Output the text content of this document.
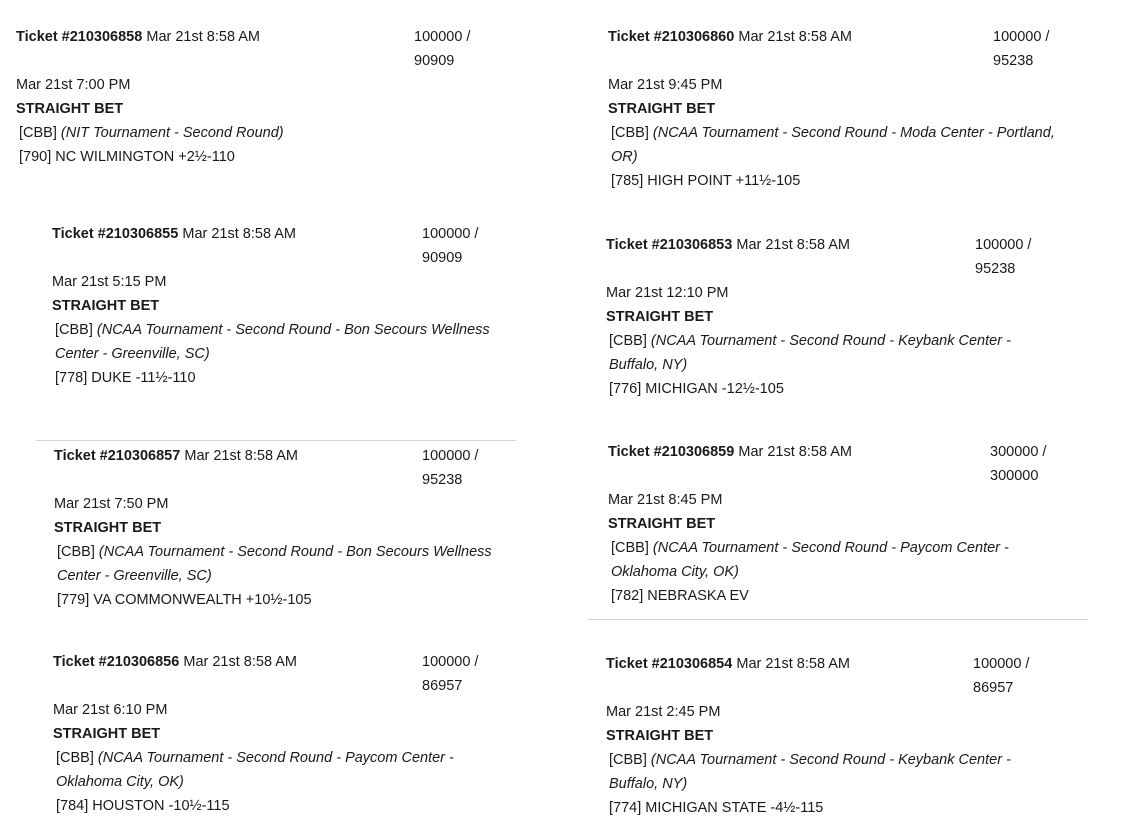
Ticket #210306858 Mar 21st 8:58 AM	100000 /
90909
Mar 21st 7:00 PM
STRAIGHT BET
[CBB] (NIT Tournament - Second Round)
[790] NC WILMINGTON +2½-110
Ticket #210306860 Mar 21st 8:58 AM	100000 /
95238
Mar 21st 9:45 PM
STRAIGHT BET
[CBB] (NCAA Tournament - Second Round - Moda Center - Portland,
OR)
[785] HIGH POINT +11½-105
Ticket #210306855 Mar 21st 8:58 AM	100000 /
90909
Mar 21st 5:15 PM
STRAIGHT BET
[CBB] (NCAA Tournament - Second Round - Bon Secours Wellness
Center - Greenville, SC)
[778] DUKE -11½-110
Ticket #210306853 Mar 21st 8:58 AM	100000 /
95238
Mar 21st 12:10 PM
STRAIGHT BET
[CBB] (NCAA Tournament - Second Round - Keybank Center -
Buffalo, NY)
[776] MICHIGAN -12½-105
Ticket #210306857 Mar 21st 8:58 AM	100000 /
95238
Mar 21st 7:50 PM
STRAIGHT BET
[CBB] (NCAA Tournament - Second Round - Bon Secours Wellness
Center - Greenville, SC)
[779] VA COMMONWEALTH +10½-105
Ticket #210306859 Mar 21st 8:58 AM	300000 /
300000
Mar 21st 8:45 PM
STRAIGHT BET
[CBB] (NCAA Tournament - Second Round - Paycom Center -
Oklahoma City, OK)
[782] NEBRASKA EV
Ticket #210306856 Mar 21st 8:58 AM	100000 /
86957
Mar 21st 6:10 PM
STRAIGHT BET
[CBB] (NCAA Tournament - Second Round - Paycom Center -
Oklahoma City, OK)
[784] HOUSTON -10½-115
Ticket #210306854 Mar 21st 8:58 AM	100000 /
86957
Mar 21st 2:45 PM
STRAIGHT BET
[CBB] (NCAA Tournament - Second Round - Keybank Center -
Buffalo, NY)
[774] MICHIGAN STATE -4½-115
